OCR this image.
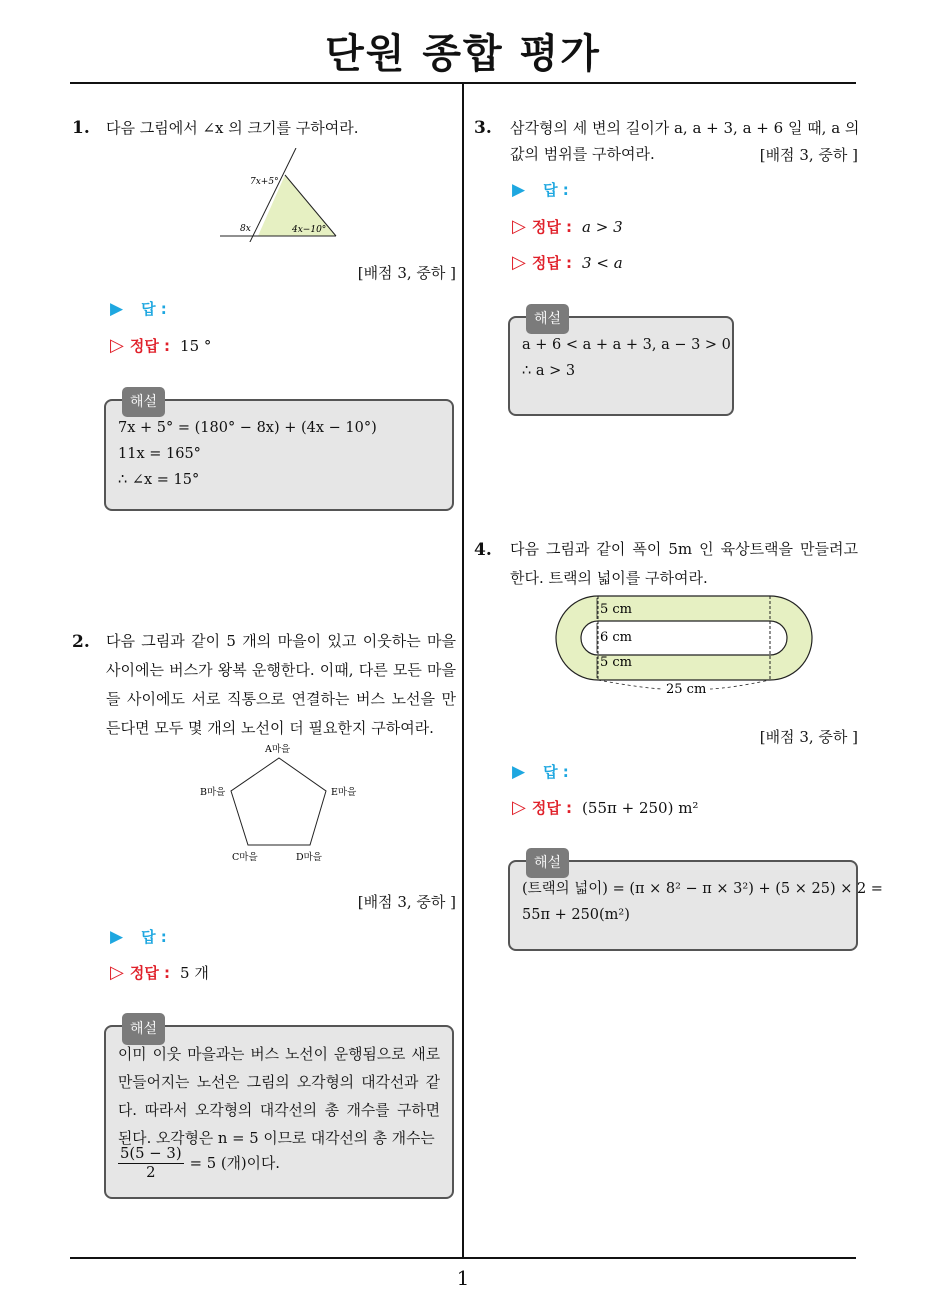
단원 종합 평가
1
1. 다음 그림에서 ∠x 의 크기를 구하여라.
7x+5°
8x	4x−10°
[배점 3, 중하 ]
▶ 답 :
▷ 정답 : 15 °
해설
7x + 5° = (180° − 8x) + (4x − 10°)
11x = 165°
∴ ∠x = 15°
2. 다음 그림과 같이 5 개의 마을이 있고 이웃하는 마을 사이에는 버스가 왕복 운행한다. 이때, 다른 모든 마을들 사이에도 서로 직통으로 연결하는 버스 노선을 만든다면 모두 몇 개의 노선이 더 필요한지 구하여라.
A마을
B마을	E마을
C마을	D마을
[배점 3, 중하 ]
▶ 답 :
▷ 정답 : 5 개
해설
이미 이웃 마을과는 버스 노선이 운행됨으로 새로 만들어지는 노선은 그림의 오각형의 대각선과 같다. 따라서 오각형의 대각선의 총 개수를 구하면 된다. 오각형은 n = 5 이므로 대각선의 총 개수는
$\frac{5(5 - 3)}{2} = 5$ (개)이다.
3. 삼각형의 세 변의 길이가 a, a + 3, a + 6 일 때, a 의
값의 범위를 구하여라.	[배점 3, 중하 ]
▶ 답 :
▷ 정답 : a > 3
▷ 정답 : 3 < a
해설
a + 6 < a + a + 3, a − 3 > 0
∴ a > 3
4. 다음 그림과 같이 폭이 5m 인 육상트랙을 만들려고 한다. 트랙의 넓이를 구하여라.
5 cm
6 cm
5 cm
25 cm
[배점 3, 중하 ]
▶ 답 :
▷ 정답 : (55π + 250) m²
해설
(트랙의 넓이) = (π × 8² − π × 3²) + (5 × 25) × 2 =
55π + 250(m²)
